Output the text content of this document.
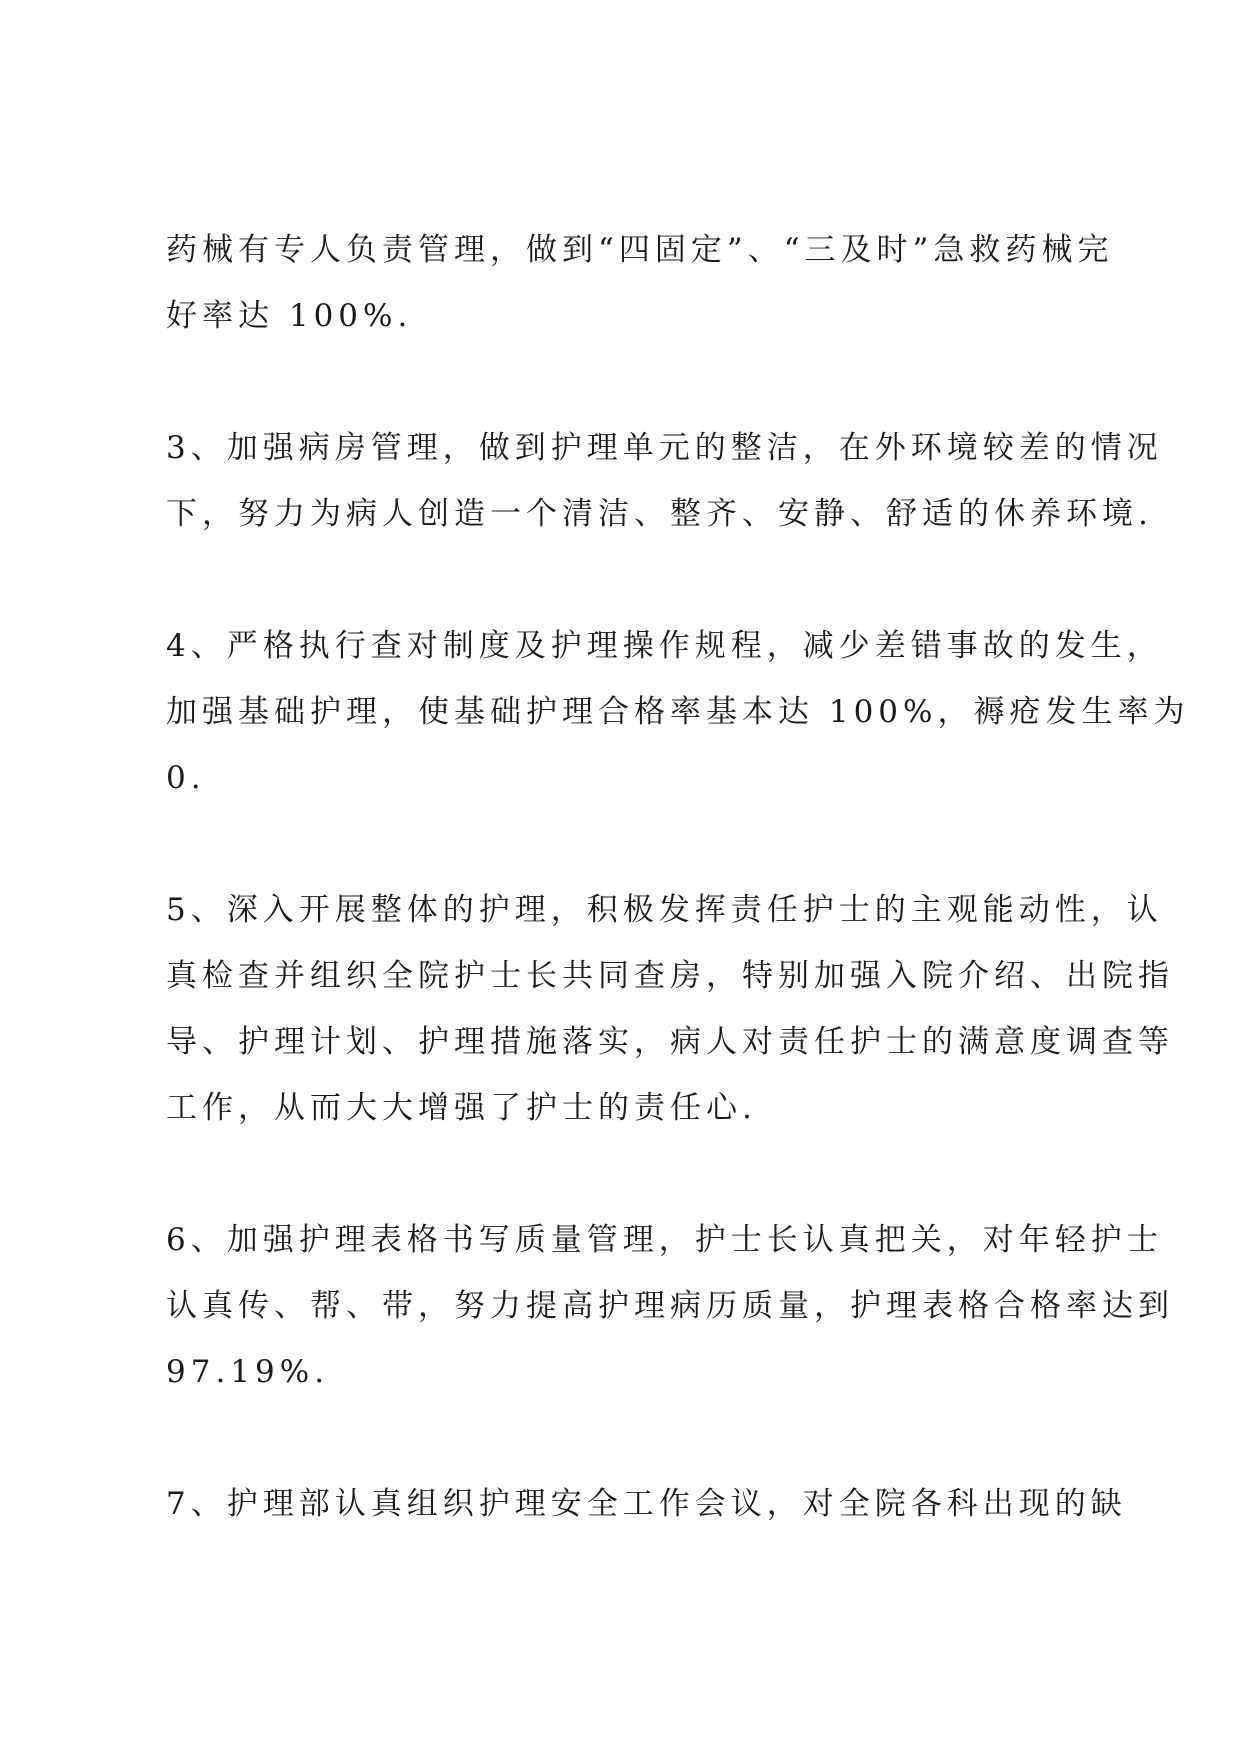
药械有专人负责管理，做到“四固定”、“三及时”急救药械完
好率达 100%.
3、加强病房管理，做到护理单元的整洁，在外环境较差的情况
下，努力为病人创造一个清洁、整齐、安静、舒适的休养环境.
4、严格执行查对制度及护理操作规程，减少差错事故的发生，
加强基础护理，使基础护理合格率基本达 100%，褥疮发生率为
0.
5、深入开展整体的护理，积极发挥责任护士的主观能动性，认
真检查并组织全院护士长共同查房，特别加强入院介绍、出院指
导、护理计划、护理措施落实，病人对责任护士的满意度调查等
工作，从而大大增强了护士的责任心.
6、加强护理表格书写质量管理，护士长认真把关，对年轻护士
认真传、帮、带，努力提高护理病历质量，护理表格合格率达到
97.19%.
7、护理部认真组织护理安全工作会议，对全院各科出现的缺
